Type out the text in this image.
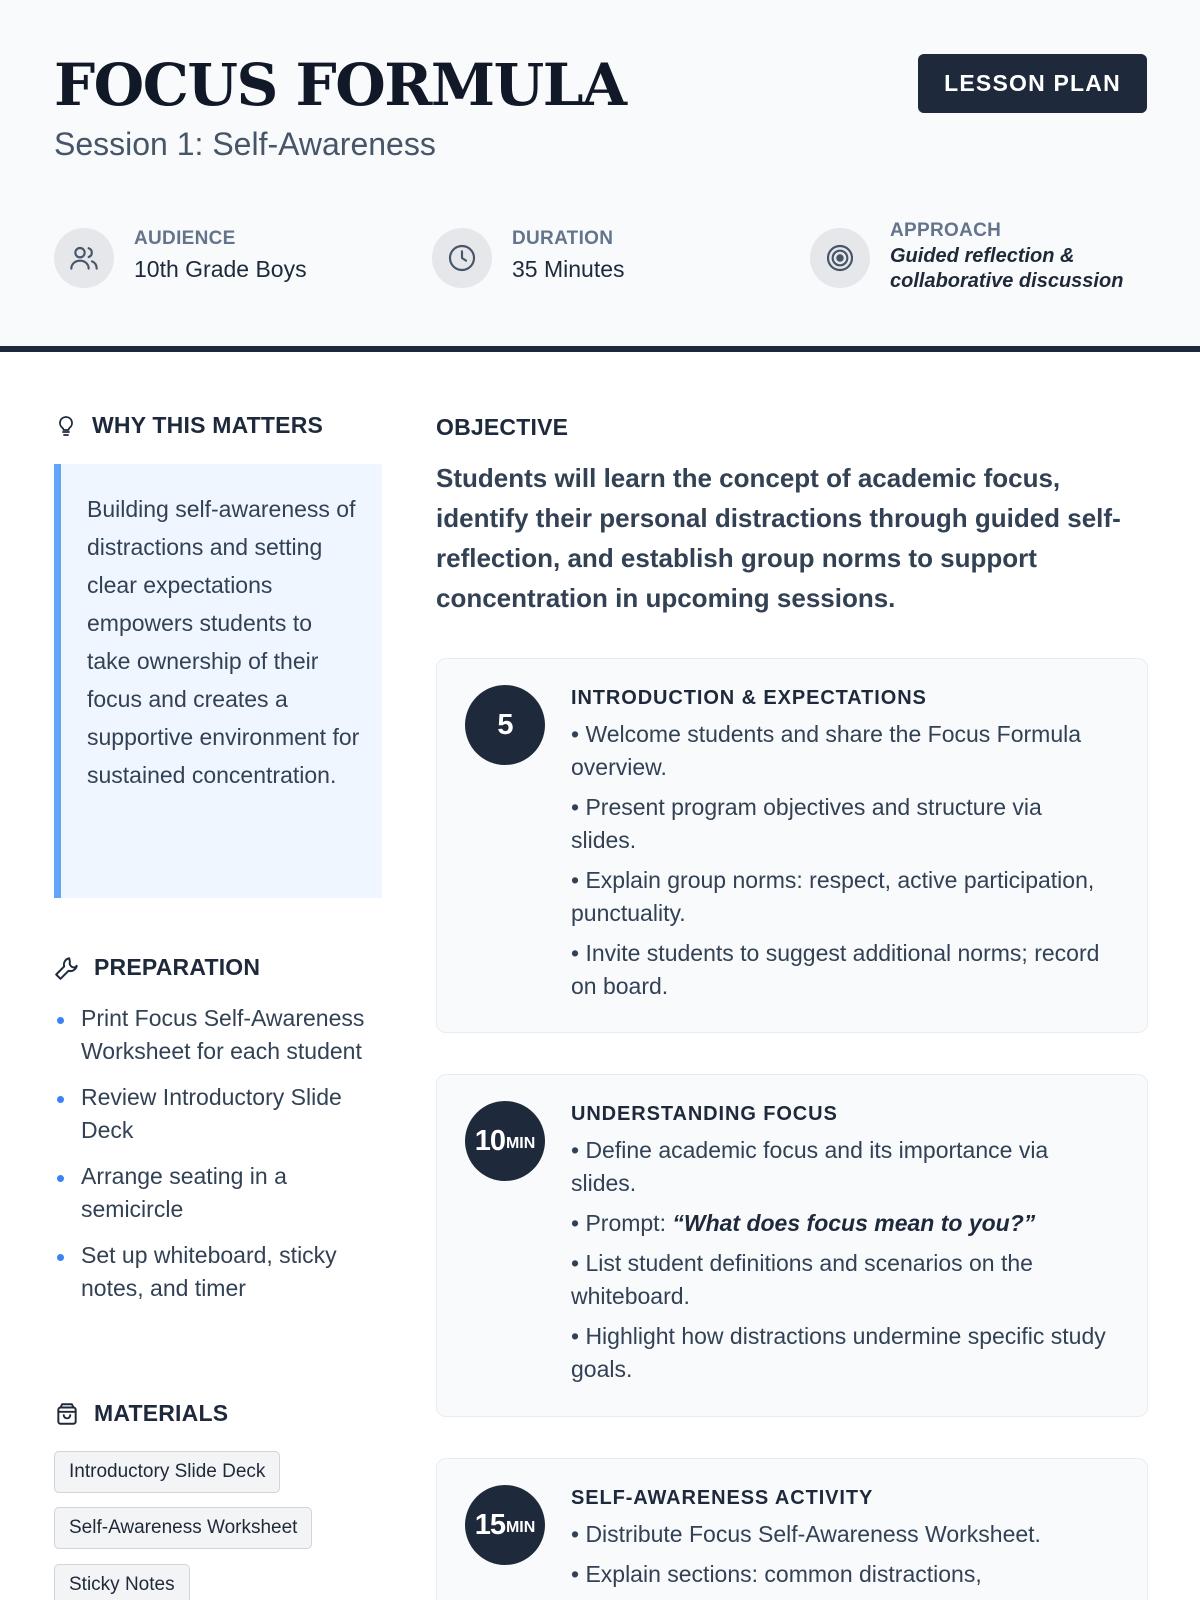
FOCUS FORMULA
Session 1: Self-Awareness
LESSON PLAN
AUDIENCE
10th Grade Boys
DURATION
35 Minutes
APPROACH
Guided reflection &
collaborative discussion
WHY THIS MATTERS
Building self-awareness of distractions and setting clear expectations empowers students to take ownership of their focus and creates a supportive environment for sustained concentration.
PREPARATION
Print Focus Self-Awareness Worksheet for each student
Review Introductory Slide Deck
Arrange seating in a semicircle
Set up whiteboard, sticky notes, and timer
MATERIALS
Introductory Slide Deck
Self-Awareness Worksheet
Sticky Notes
OBJECTIVE
Students will learn the concept of academic focus, identify their personal distractions through guided self-reflection, and establish group norms to support concentration in upcoming sessions.
5
INTRODUCTION & EXPECTATIONS
• Welcome students and share the Focus Formula overview.
• Present program objectives and structure via slides.
• Explain group norms: respect, active participation, punctuality.
• Invite students to suggest additional norms; record on board.
10 MIN
UNDERSTANDING FOCUS
• Define academic focus and its importance via slides.
• Prompt: “What does focus mean to you?”
• List student definitions and scenarios on the whiteboard.
• Highlight how distractions undermine specific study goals.
15 MIN
SELF-AWARENESS ACTIVITY
• Distribute Focus Self-Awareness Worksheet.
• Explain sections: common distractions,
